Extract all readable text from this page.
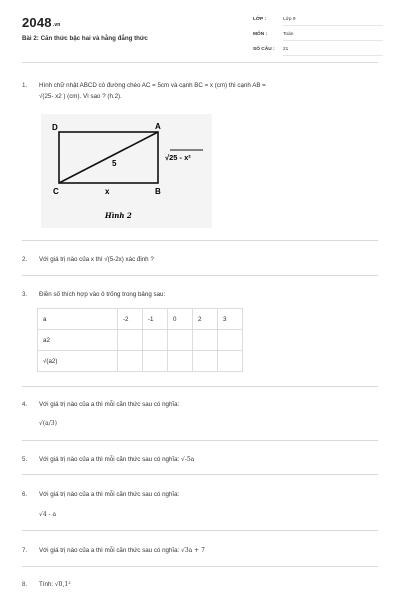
2048.vn
Bài 2: Căn thức bậc hai và hằng đẳng thức
LỚP :	Lớp 9
MÔN :	Toán
SỐ CÂU : 21
1. Hình chữ nhật ABCD có đường chéo AC = 5cm và cạnh BC = x (cm) thì cạnh AB =
√(25- x2 ) (cm). Vì sao ? (h.2).
D	A
C	B
5
x
√25 - x²
Hình 2
2. Với giá trị nào của x thì √(5-2x) xác định ?
3. Điền số thích hợp vào ô trống trong bảng sau:
a	-2	-1	0	2	3
a2					
√(a2)					
4. Với giá trị nào của a thì mỗi căn thức sau có nghĩa:
√(a/3)
5. Với giá trị nào của a thì mỗi căn thức sau có nghĩa: √-5a
6. Với giá trị nào của a thì mỗi căn thức sau có nghĩa:
√4 - a
7. Với giá trị nào của a thì mỗi căn thức sau có nghĩa: √3a + 7
8. Tính: √0,1²
